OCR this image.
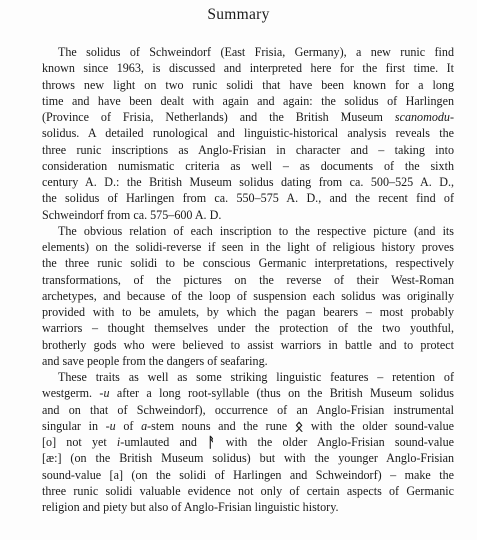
Summary
The solidus of Schweindorf (East Frisia, Germany), a new runic find
known since 1963, is discussed and interpreted here for the first time. It
throws new light on two runic solidi that have been known for a long
time and have been dealt with again and again: the solidus of Harlingen
(Province of Frisia, Netherlands) and the British Museum scanomodu-
solidus. A detailed runological and linguistic-historical analysis reveals the
three runic inscriptions as Anglo-Frisian in character and – taking into
consideration numismatic criteria as well – as documents of the sixth
century A. D.: the British Museum solidus dating from ca. 500–525 A. D.,
the solidus of Harlingen from ca. 550–575 A. D., and the recent find of
Schweindorf from ca. 575–600 A. D.
The obvious relation of each inscription to the respective picture (and its
elements) on the solidi-reverse if seen in the light of religious history proves
the three runic solidi to be conscious Germanic interpretations, respectively
transformations, of the pictures on the reverse of their West-Roman
archetypes, and because of the loop of suspension each solidus was originally
provided with to be amulets, by which the pagan bearers – most probably
warriors – thought themselves under the protection of the two youthful,
brotherly gods who were believed to assist warriors in battle and to protect
and save people from the dangers of seafaring.
These traits as well as some striking linguistic features – retention of
westgerm. -u after a long root-syllable (thus on the British Museum solidus
and on that of Schweindorf), occurrence of an Anglo-Frisian instrumental
singular in -u of a-stem nouns and the rune ᛟ with the older sound-value
[o] not yet i-umlauted and ᚨ with the older Anglo-Frisian sound-value
[æ:] (on the British Museum solidus) but with the younger Anglo-Frisian
sound-value [a] (on the solidi of Harlingen and Schweindorf) – make the
three runic solidi valuable evidence not only of certain aspects of Germanic
religion and piety but also of Anglo-Frisian linguistic history.
